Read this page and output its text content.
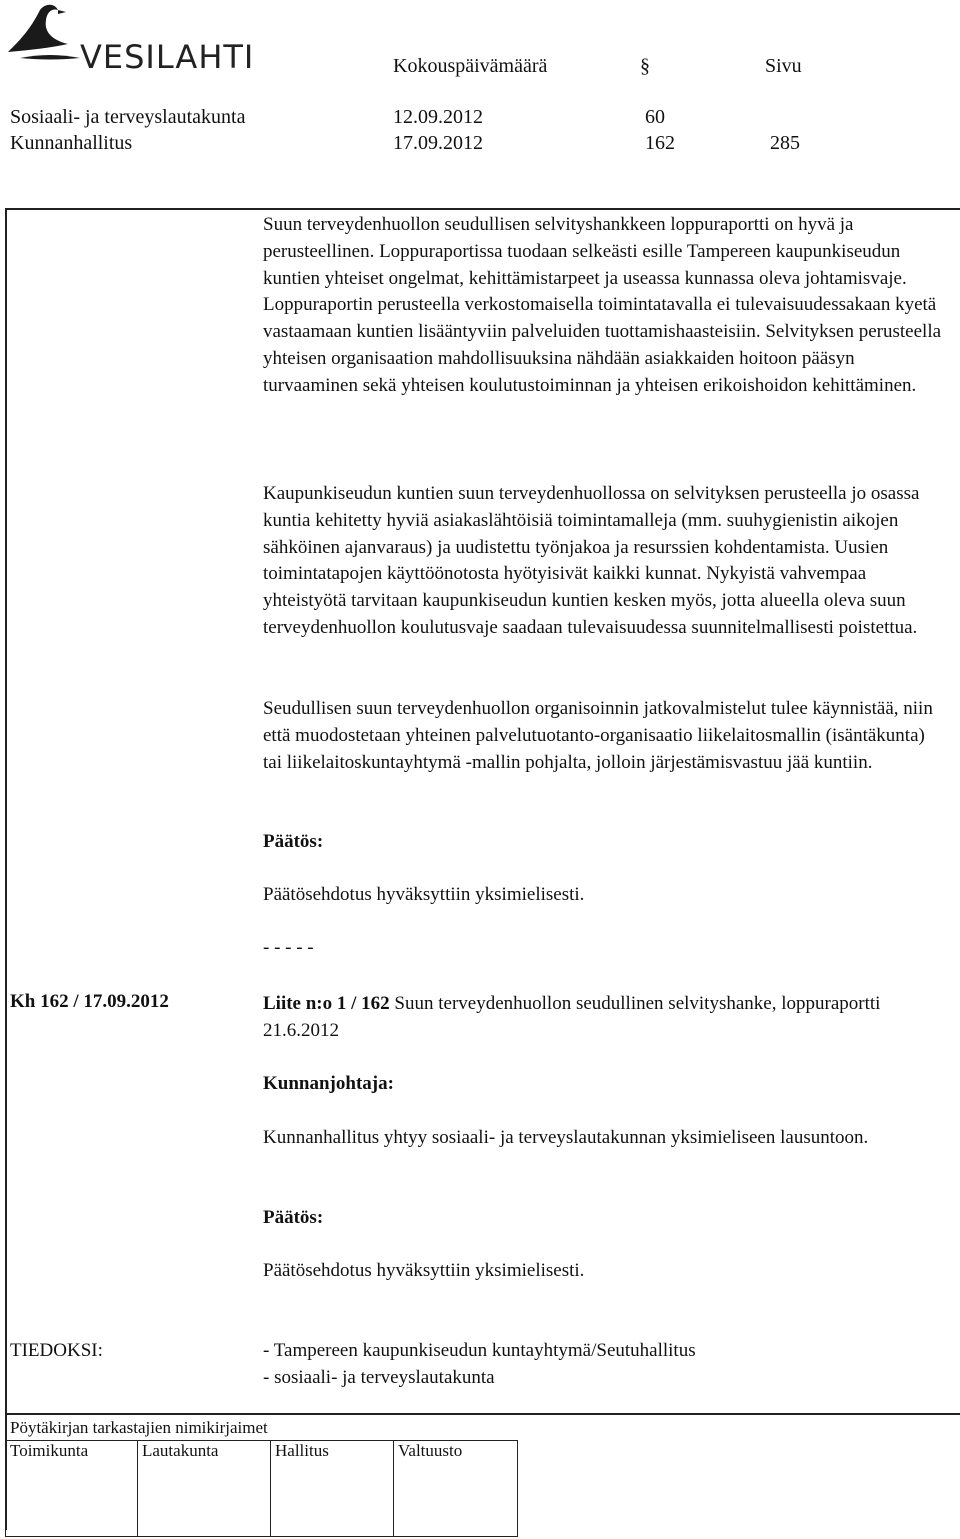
VESILAHTI	Kokouspäivämäärä	§	Sivu
Sosiaali- ja terveyslautakunta	12.09.2012	60
Kunnanhallitus	17.09.2012	162	285

Suun terveydenhuollon seudullisen selvityshankkeen loppuraportti on hyvä ja perusteellinen. Loppuraportissa tuodaan selkeästi esille Tampereen kaupunkiseudun kuntien yhteiset ongelmat, kehittämistarpeet ja useassa kunnassa oleva johtamisvaje. Loppuraportin perusteella verkostomaisella toimintatavalla ei tulevaisuudessakaan kyetä vastaamaan kuntien lisääntyviin palveluiden tuottamishaasteisiin. Selvityksen perusteella yhteisen organisaation mahdollisuuksina nähdään asiakkaiden hoitoon pääsyn turvaaminen sekä yhteisen koulutustoiminnan ja yhteisen erikoishoidon kehittäminen.

Kaupunkiseudun kuntien suun terveydenhuollossa on selvityksen perusteella jo osassa kuntia kehitetty hyviä asiakaslähtöisiä toimintamalleja (mm. suuhygienistin aikojen sähköinen ajanvaraus) ja uudistettu työnjakoa ja resurssien kohdentamista. Uusien toimintatapojen käyttöönotosta hyötyisivät kaikki kunnat. Nykyistä vahvempaa yhteistyötä tarvitaan kaupunkiseudun kuntien kesken myös, jotta alueella oleva suun terveydenhuollon koulutusvaje saadaan tulevaisuudessa suunnitelmallisesti poistettua.

Seudullisen suun terveydenhuollon organisoinnin jatkovalmistelut tulee käynnistää, niin että muodostetaan yhteinen palvelutuotanto-organisaatio liikelaitosmallin (isäntäkunta) tai liikelaitoskuntayhtymä -mallin pohjalta, jolloin järjestämisvastuu jää kuntiin.

Päätös:
Päätösehdotus hyväksyttiin yksimielisesti.
- - - - -
Kh 162 / 17.09.2012	Liite n:o 1 / 162 Suun terveydenhuollon seudullinen selvityshanke, loppuraportti 21.6.2012

Kunnanjohtaja:

Kunnanhallitus yhtyy sosiaali- ja terveyslautakunnan yksimieliseen lausuntoon.

Päätös:
Päätösehdotus hyväksyttiin yksimielisesti.
TIEDOKSI:	- Tampereen kaupunkiseudun kuntayhtymä/Seutuhallitus
- sosiaali- ja terveyslautakunta
Pöytäkirjan tarkastajien nimikirjaimet
Toimikunta	Lautakunta	Hallitus	Valtuusto
